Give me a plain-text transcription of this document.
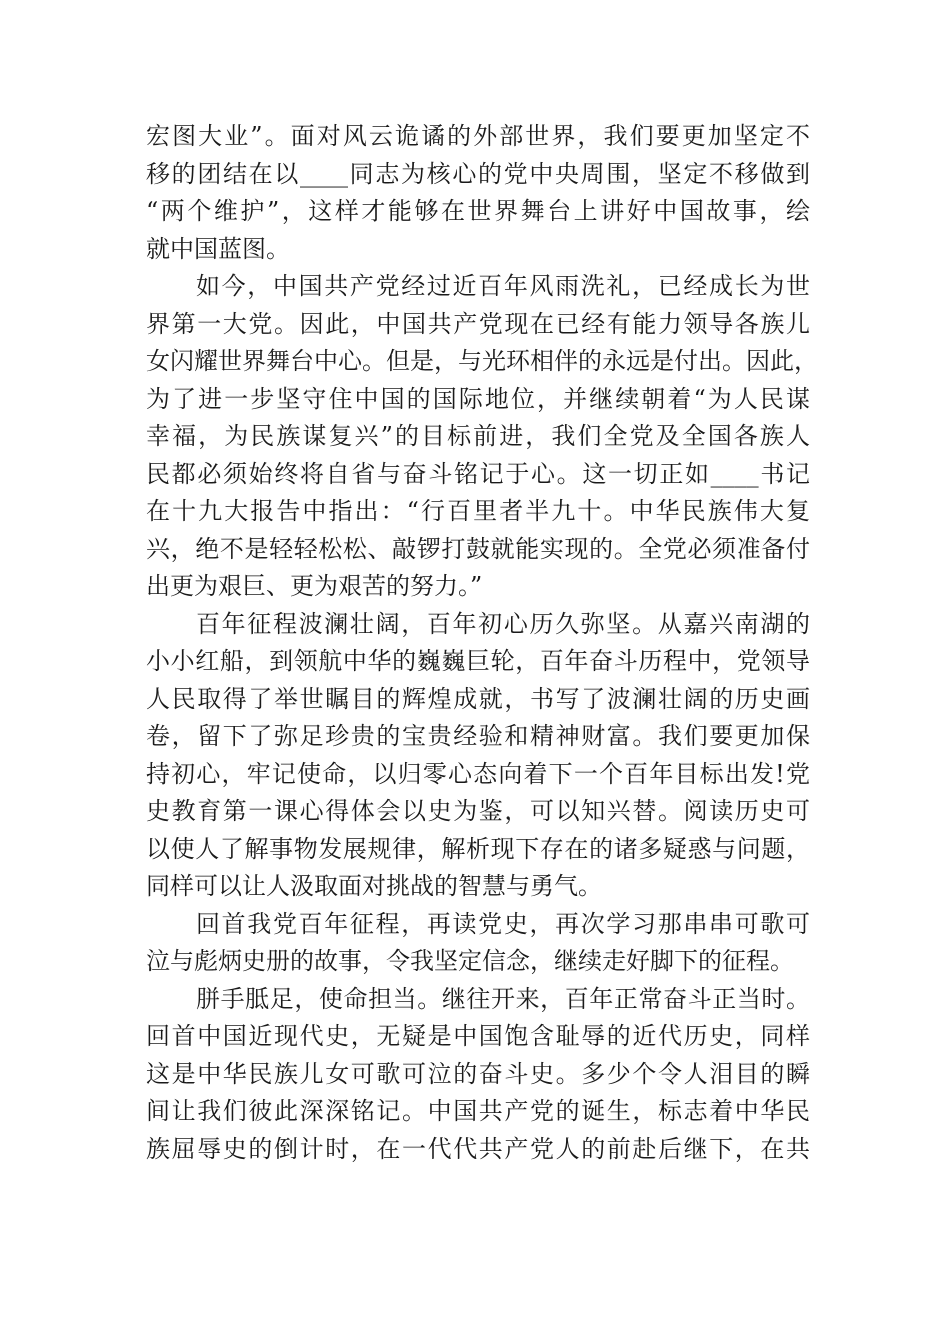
宏图大业”。面对风云诡谲的外部世界，我们要更加坚定不
移的团结在以____同志为核心的党中央周围，坚定不移做到
“两个维护”，这样才能够在世界舞台上讲好中国故事，绘
就中国蓝图。
如今，中国共产党经过近百年风雨洗礼，已经成长为世
界第一大党。因此，中国共产党现在已经有能力领导各族儿
女闪耀世界舞台中心。但是，与光环相伴的永远是付出。因此，
为了进一步坚守住中国的国际地位，并继续朝着“为人民谋
幸福，为民族谋复兴”的目标前进，我们全党及全国各族人
民都必须始终将自省与奋斗铭记于心。这一切正如____书记
在十九大报告中指出：“行百里者半九十。中华民族伟大复
兴，绝不是轻轻松松、敲锣打鼓就能实现的。全党必须准备付
出更为艰巨、更为艰苦的努力。”
百年征程波澜壮阔，百年初心历久弥坚。从嘉兴南湖的
小小红船，到领航中华的巍巍巨轮，百年奋斗历程中，党领导
人民取得了举世瞩目的辉煌成就，书写了波澜壮阔的历史画
卷，留下了弥足珍贵的宝贵经验和精神财富。我们要更加保
持初心，牢记使命，以归零心态向着下一个百年目标出发!党
史教育第一课心得体会以史为鉴，可以知兴替。阅读历史可
以使人了解事物发展规律，解析现下存在的诸多疑惑与问题，
同样可以让人汲取面对挑战的智慧与勇气。
回首我党百年征程，再读党史，再次学习那串串可歌可
泣与彪炳史册的故事，令我坚定信念，继续走好脚下的征程。
胼手胝足，使命担当。继往开来，百年正常奋斗正当时。
回首中国近现代史，无疑是中国饱含耻辱的近代历史，同样
这是中华民族儿女可歌可泣的奋斗史。多少个令人泪目的瞬
间让我们彼此深深铭记。中国共产党的诞生，标志着中华民
族屈辱史的倒计时，在一代代共产党人的前赴后继下，在共
